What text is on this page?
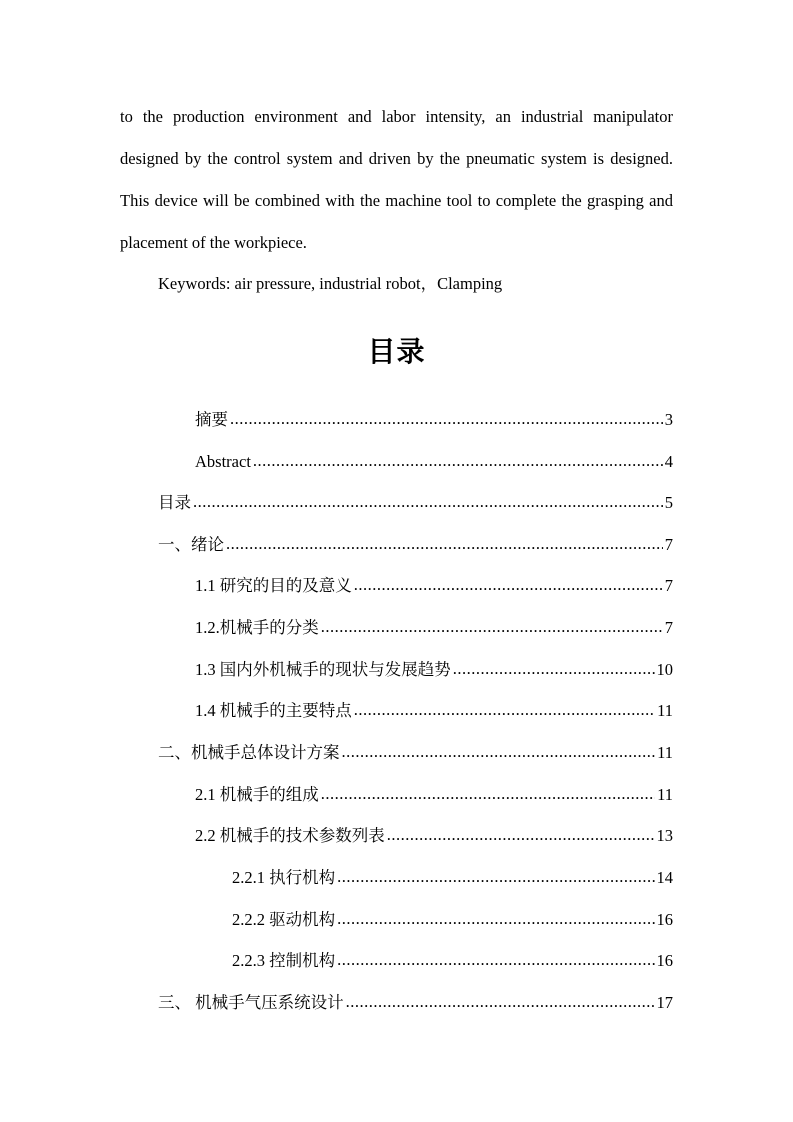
to the production environment and labor intensity, an industrial manipulator designed by the control system and driven by the pneumatic system is designed. This device will be combined with the machine tool to complete the grasping and placement of the workpiece.

Keywords: air pressure, industrial robot，Clamping

目录
摘要 .....	3
Abstract .....	4
目录 .....	5
一、绪论 .....	7
1.1 研究的目的及意义 .....	7
1.2.机械手的分类 .....	7
1.3 国内外机械手的现状与发展趋势 .....	10
1.4 机械手的主要特点 .....	11
二、机械手总体设计方案 .....	11
2.1 机械手的组成 .....	11
2.2 机械手的技术参数列表 .....	13
2.2.1 执行机构 .....	14
2.2.2 驱动机构 .....	16
2.2.3 控制机构 .....	16
三、 机械手气压系统设计 .....	17
